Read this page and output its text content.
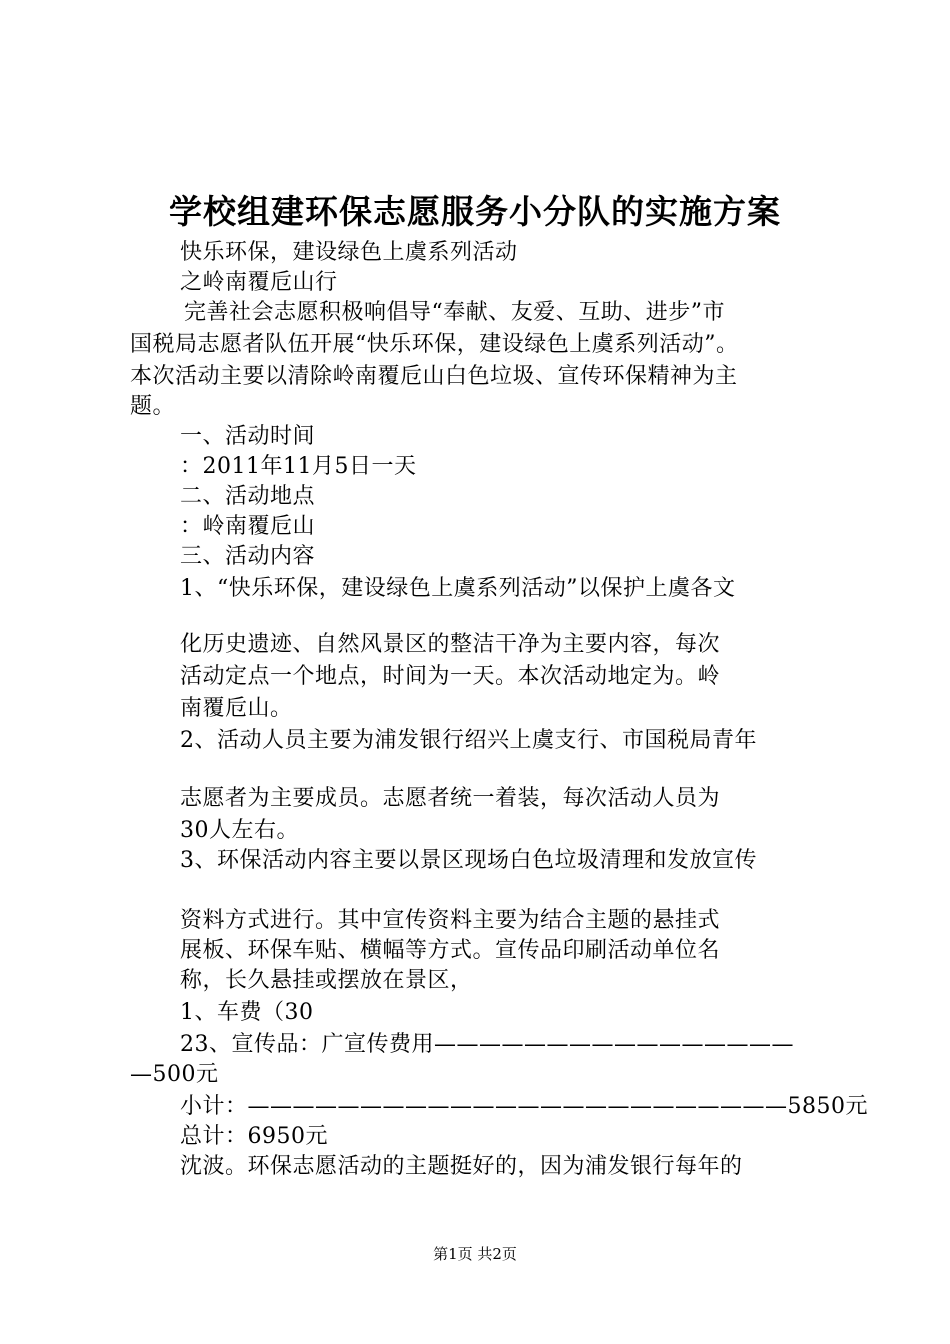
学校组建环保志愿服务小分队的实施方案
快乐环保，建设绿色上虞系列活动
之岭南覆卮山行
完善社会志愿积极响倡导“奉献、友爱、互助、进步”市
国税局志愿者队伍开展“快乐环保，建设绿色上虞系列活动”。
本次活动主要以清除岭南覆卮山白色垃圾、宣传环保精神为主
题。
一、活动时间
：2011年11月5日一天
二、活动地点
：岭南覆卮山
三、活动内容
1、“快乐环保，建设绿色上虞系列活动”以保护上虞各文
化历史遗迹、自然风景区的整洁干净为主要内容，每次
活动定点一个地点，时间为一天。本次活动地定为。岭
南覆卮山。
2、活动人员主要为浦发银行绍兴上虞支行、市国税局青年
志愿者为主要成员。志愿者统一着装，每次活动人员为
30人左右。
3、环保活动内容主要以景区现场白色垃圾清理和发放宣传
资料方式进行。其中宣传资料主要为结合主题的悬挂式
展板、环保车贴、横幅等方式。宣传品印刷活动单位名
称，长久悬挂或摆放在景区，
1、车费（30
23、宣传品：广宣传费用————————————————
—500元
小计：————————————————————————5850元
总计：6950元
沈波。环保志愿活动的主题挺好的，因为浦发银行每年的
第1页 共2页
